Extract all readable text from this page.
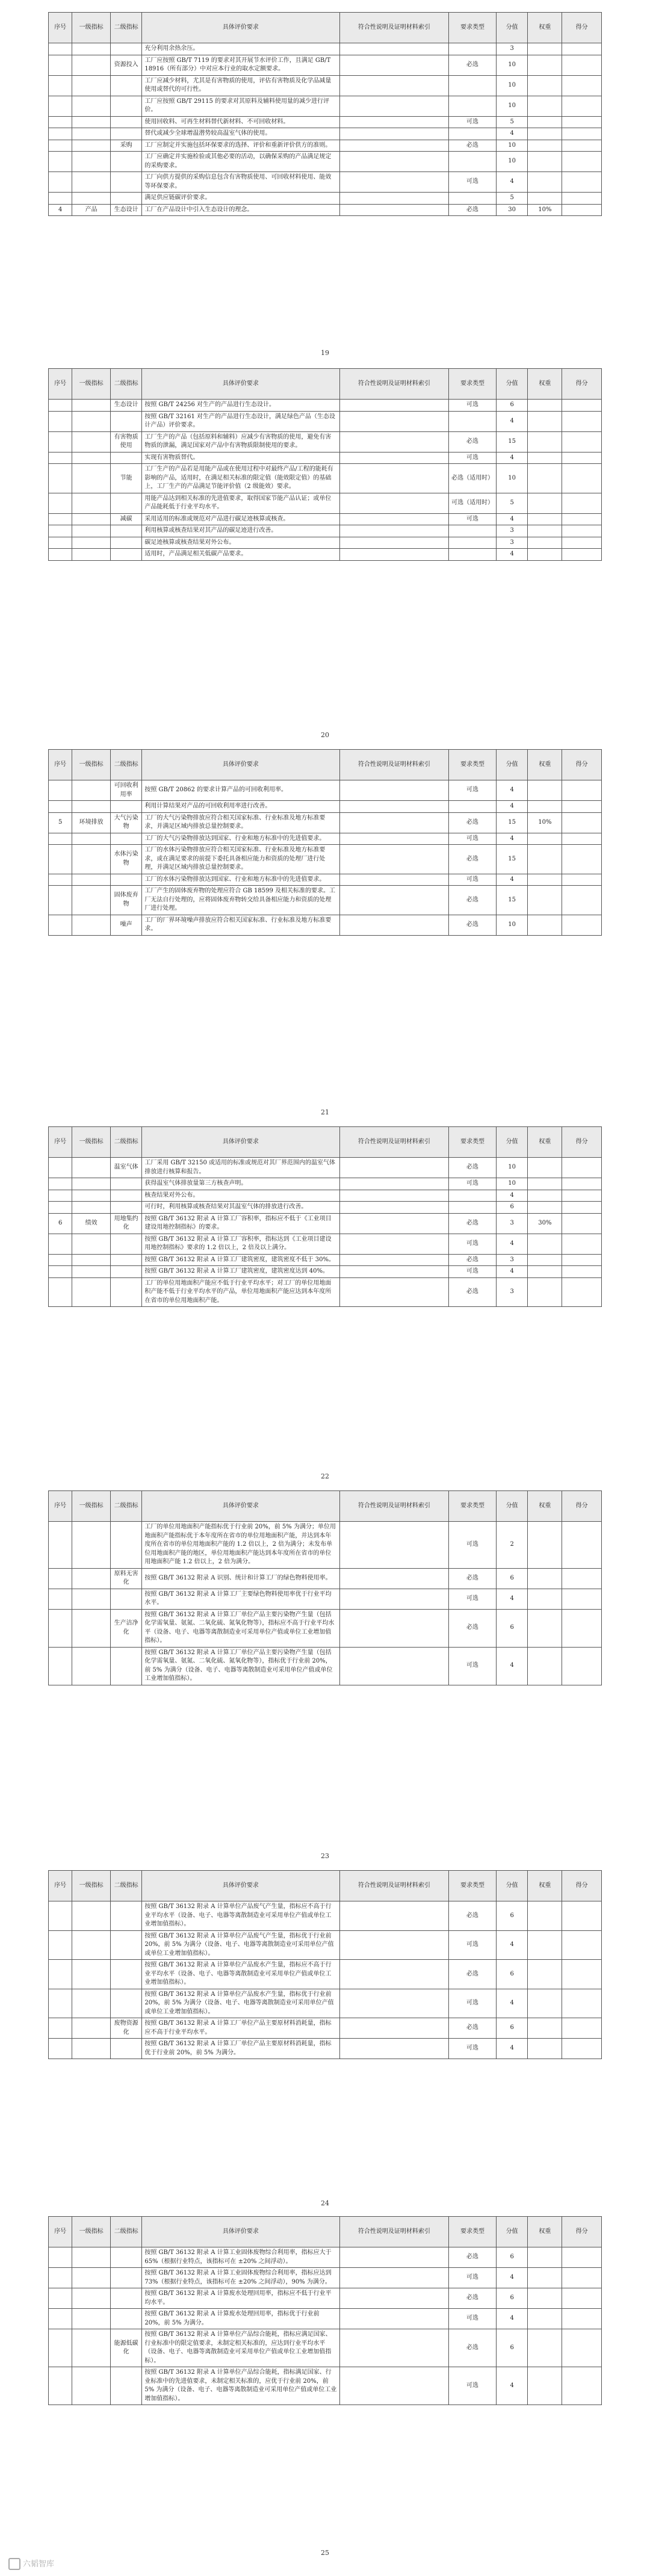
序号	一级指标	二级指标	具体评价要求	符合性说明及证明材料索引	要求类型	分值	权重	得分
			充分利用余热余压。			3		
		资源投入	工厂应按照 GB/T 7119 的要求对其开展节水评价工作，且满足 GB/T 18916（所有部分）中对应本行业的取水定额要求。		必选	10		
			工厂应减少材料，尤其是有害物质的使用，评估有害物质及化学品减量使用或替代的可行性。			10		
			工厂应按照 GB/T 29115 的要求对其原料及辅料使用量的减少进行评价。			10		
			使用回收料、可再生材料替代新材料、不可回收材料。		可选	5		
			替代或减少全球增温潜势较高温室气体的使用。			4		
		采购	工厂应制定并实施包括环保要求的选择、评价和重新评价供方的准则。		必选	10		
			工厂应确定并实施检验或其他必要的活动，以确保采购的产品满足规定的采购要求。			10		
			工厂向供方提供的采购信息包含有害物质使用、可回收材料使用、能效等环保要求。		可选	4		
			满足供应链碳评价要求。			5		
4	产品	生态设计	工厂在产品设计中引入生态设计的理念。		必选	30	10%	
19
序号	一级指标	二级指标	具体评价要求	符合性说明及证明材料索引	要求类型	分值	权重	得分
		生态设计	按照 GB/T 24256 对生产的产品进行生态设计。		可选	6		
			按照 GB/T 32161 对生产的产品进行生态设计，满足绿色产品（生态设计产品）评价要求。			4		
		有害物质使用	工厂生产的产品（包括原料和辅料）应减少有害物质的使用，避免有害物质的泄漏，满足国家对产品中有害物质限制使用的要求。		必选	15		
			实现有害物质替代。		可选	4		
		节能	工厂生产的产品若是用能产品或在使用过程中对最终产品/工程的能耗有影响的产品，适用时，在满足相关标准的限定值（能效限定值）的基础上，工厂生产的产品满足节能评价值（2 级能效）要求。		必选（适用时）	10		
			用能产品达到相关标准的先进值要求，取得国家节能产品认证；或单位产品能耗低于行业平均水平。		可选（适用时）	5		
		减碳	采用适用的标准或规范对产品进行碳足迹核算或核查。		可选	4		
			利用核算或核查结果对其产品的碳足迹进行改善。			3		
			碳足迹核算或核查结果对外公布。			3		
			适用时，产品满足相关低碳产品要求。			4		
20
序号	一级指标	二级指标	具体评价要求	符合性说明及证明材料索引	要求类型	分值	权重	得分
		可回收利用率	按照 GB/T 20862 的要求计算产品的可回收利用率。		可选	4		
			利用计算结果对产品的可回收利用率进行改善。			4		
5	环境排放	大气污染物	工厂的大气污染物排放应符合相关国家标准、行业标准及地方标准要求，并满足区域内排放总量控制要求。		必选	15	10%	
			工厂的大气污染物排放达到国家、行业和地方标准中的先进值要求。		可选	4		
		水体污染物	工厂的水体污染物排放应符合相关国家标准、行业标准及地方标准要求，或在满足要求的前提下委托具备相应能力和资质的处理厂进行处理，并满足区域内排放总量控制要求。		必选	15		
			工厂的水体污染物排放达到国家、行业和地方标准中的先进值要求。		可选	4		
		固体废弃物	工厂产生的固体废弃物的处理应符合 GB 18599 及相关标准的要求。工厂无法自行处理的，应将固体废弃物转交给具备相应能力和资质的处理厂进行处理。		必选	15		
		噪声	工厂的厂界环境噪声排放应符合相关国家标准、行业标准及地方标准要求。		必选	10		
21
序号	一级指标	二级指标	具体评价要求	符合性说明及证明材料索引	要求类型	分值	权重	得分
		温室气体	工厂采用 GB/T 32150 或适用的标准或规范对其厂界范围内的温室气体排放进行核算和报告。		必选	10		
			获得温室气体排放量第三方核查声明。		可选	10		
			核查结果对外公布。			4		
			可行时，利用核算或核查结果对其温室气体的排放进行改善。			6		
6	绩效	用地集约化	按照 GB/T 36132 附录 A 计算工厂容积率，指标应不低于《工业项目建设用地控制指标》的要求。		必选	3	30%	
			按照 GB/T 36132 附录 A 计算工厂容积率，指标达到《工业项目建设用地控制指标》要求的 1.2 倍以上，2 倍及以上满分。		可选	4		
			按照 GB/T 36132 附录 A 计算工厂建筑密度，建筑密度不低于 30%。		必选	3		
			按照 GB/T 36132 附录 A 计算工厂建筑密度，建筑密度达到 40%。		可选	4		
			工厂的单位用地面积产能应不低于行业平均水平；对工厂的单位用地面积产能不低于行业平均水平的产品，单位用地面积产能应达到本年度所在省市的单位用地面积产能。		必选	3		
22
序号	一级指标	二级指标	具体评价要求	符合性说明及证明材料索引	要求类型	分值	权重	得分
			工厂的单位用地面积产能指标优于行业前 20%，前 5% 为满分；单位用地面积产能指标优于本年度所在省市的单位用地面积产能，并达到本年度所在省市的单位用地面积产能的 1.2 倍以上，2 倍为满分；未发布单位用地面积产能的地区，单位用地面积产能达到本年度所在省市的单位用地面积产能 1.2 倍以上，2 倍为满分。		可选	2		
		原料无害化	按照 GB/T 36132 附录 A 识别、统计和计算工厂的绿色物料使用率。		必选	6		
			按照 GB/T 36132 附录 A 计算工厂主要绿色物料使用率优于行业平均水平。		可选	4		
		生产洁净化	按照 GB/T 36132 附录 A 计算工厂单位产品主要污染物产生量（包括化学需氧量、氨氮、二氧化硫、氮氧化物等），指标应不高于行业平均水平（设备、电子、电器等离散制造业可采用单位产值或单位工业增加值指标）。		必选	6		
			按照 GB/T 36132 附录 A 计算工厂单位产品主要污染物产生量（包括化学需氧量、氨氮、二氧化硫、氮氧化物等），指标优于行业前 20%，前 5% 为满分（设备、电子、电器等离散制造业可采用单位产值或单位工业增加值指标）。		可选	4		
23
序号	一级指标	二级指标	具体评价要求	符合性说明及证明材料索引	要求类型	分值	权重	得分
			按照 GB/T 36132 附录 A 计算单位产品废气产生量，指标应不高于行业平均水平（设备、电子、电器等离散制造业可采用单位产值或单位工业增加值指标）。		必选	6		
			按照 GB/T 36132 附录 A 计算单位产品废气产生量，指标优于行业前 20%，前 5% 为满分（设备、电子、电器等离散制造业可采用单位产值或单位工业增加值指标）。		可选	4		
			按照 GB/T 36132 附录 A 计算单位产品废水产生量，指标应不高于行业平均水平（设备、电子、电器等离散制造业可采用单位产值或单位工业增加值指标）。		必选	6		
			按照 GB/T 36132 附录 A 计算单位产品废水产生量，指标优于行业前 20%，前 5% 为满分（设备、电子、电器等离散制造业可采用单位产值或单位工业增加值指标）。		可选	4		
		废物资源化	按照 GB/T 36132 附录 A 计算工厂单位产品主要原材料消耗量，指标应不高于行业平均水平。		必选	6		
			按照 GB/T 36132 附录 A 计算工厂单位产品主要原材料消耗量，指标优于行业前 20%，前 5% 为满分。		可选	4		
24
序号	一级指标	二级指标	具体评价要求	符合性说明及证明材料索引	要求类型	分值	权重	得分
			按照 GB/T 36132 附录 A 计算工业固体废物综合利用率，指标应大于 65%（根据行业特点，该指标可在 ±20% 之间浮动）。		必选	6		
			按照 GB/T 36132 附录 A 计算工业固体废物综合利用率，指标应达到 73%（根据行业特点，该指标可在 ±20% 之间浮动），90% 为满分。		可选	4		
			按照 GB/T 36132 附录 A 计算废水处理回用率，指标应不低于行业平均水平。		必选	6		
			按照 GB/T 36132 附录 A 计算废水处理回用率，指标优于行业前 20%，前 5% 为满分。		可选	4		
		能源低碳化	按照 GB/T 36132 附录 A 计算单位产品综合能耗，指标应满足国家、行业标准中的限定值要求，未制定相关标准的，应达到行业平均水平（设备、电子、电器等离散制造业可采用单位产值或单位工业增加值指标）。		必选	6		
			按照 GB/T 36132 附录 A 计算单位产品综合能耗，指标满足国家、行业标准中的先进值要求，未制定相关标准的，应优于行业前 20%，前 5% 为满分（设备、电子、电器等离散制造业可采用单位产值或单位工业增加值指标）。		可选	4		
25
六韬智库
